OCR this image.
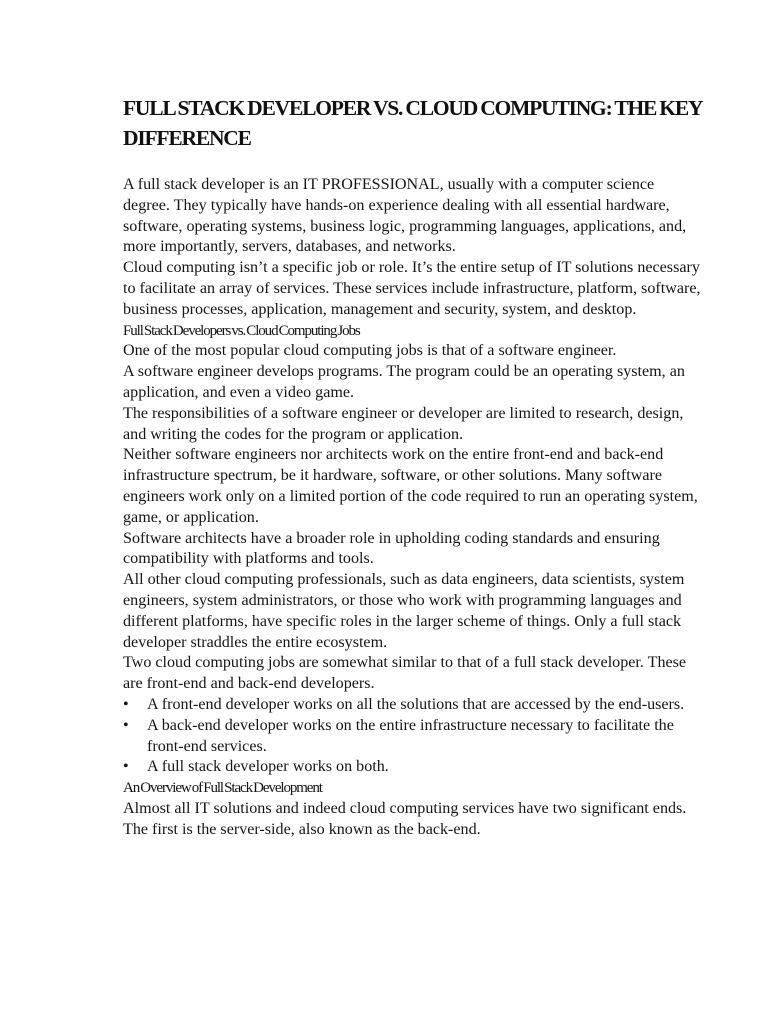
FULL STACK DEVELOPER VS. CLOUD COMPUTING: THE KEY DIFFERENCE

A full stack developer is an IT PROFESSIONAL, usually with a computer science degree. They typically have hands-on experience dealing with all essential hardware, software, operating systems, business logic, programming languages, applications, and, more importantly, servers, databases, and networks.

Cloud computing isn’t a specific job or role. It’s the entire setup of IT solutions necessary to facilitate an array of services. These services include infrastructure, platform, software, business processes, application, management and security, system, and desktop.

Full Stack Developers vs. Cloud Computing Jobs

One of the most popular cloud computing jobs is that of a software engineer.

A software engineer develops programs. The program could be an operating system, an application, and even a video game.

The responsibilities of a software engineer or developer are limited to research, design, and writing the codes for the program or application.

Neither software engineers nor architects work on the entire front-end and back-end infrastructure spectrum, be it hardware, software, or other solutions. Many software engineers work only on a limited portion of the code required to run an operating system, game, or application.

Software architects have a broader role in upholding coding standards and ensuring compatibility with platforms and tools.

All other cloud computing professionals, such as data engineers, data scientists, system engineers, system administrators, or those who work with programming languages and different platforms, have specific roles in the larger scheme of things. Only a full stack developer straddles the entire ecosystem.

Two cloud computing jobs are somewhat similar to that of a full stack developer. These are front-end and back-end developers.

•	A front-end developer works on all the solutions that are accessed by the end-users.
•	A back-end developer works on the entire infrastructure necessary to facilitate the front-end services.
•	A full stack developer works on both.

An Overview of Full Stack Development

Almost all IT solutions and indeed cloud computing services have two significant ends. The first is the server-side, also known as the back-end.
